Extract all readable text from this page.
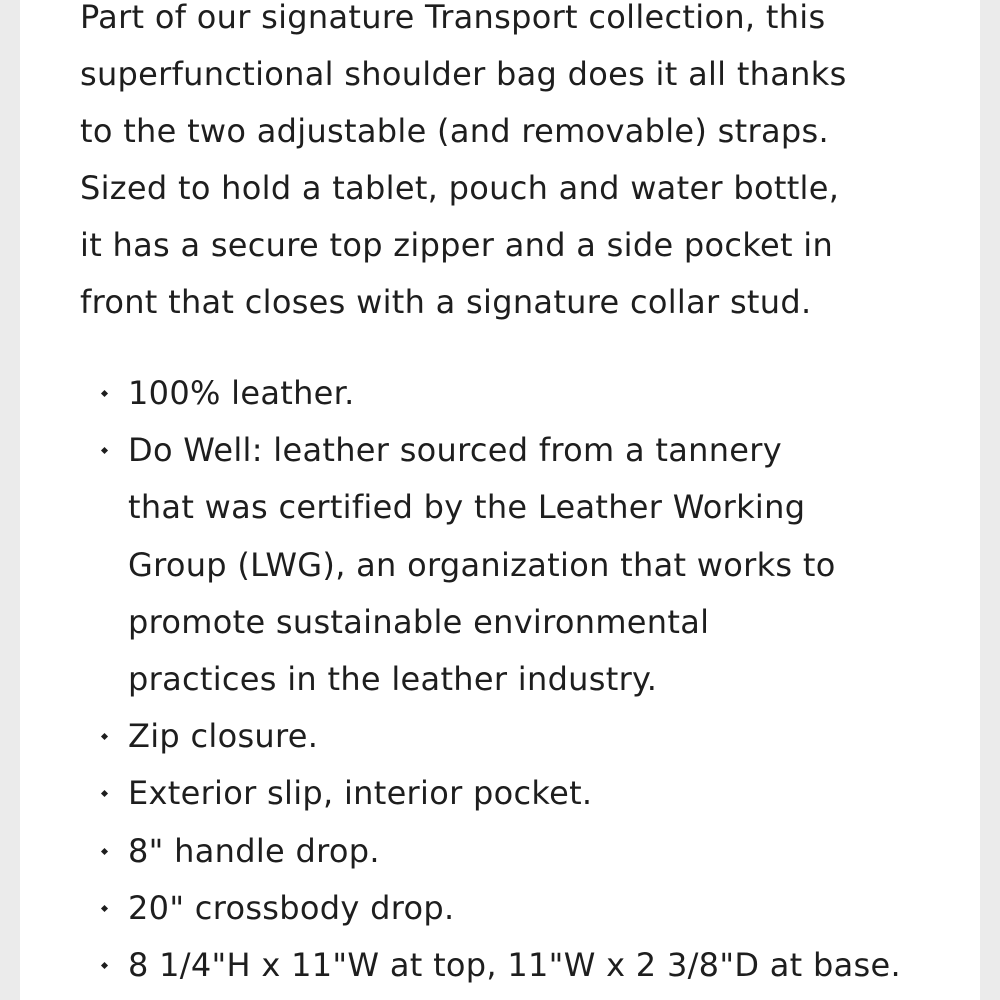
Part of our signature Transport collection, this
superfunctional shoulder bag does it all thanks
to the two adjustable (and removable) straps.
Sized to hold a tablet, pouch and water bottle,
it has a secure top zipper and a side pocket in
front that closes with a signature collar stud.

100% leather.
Do Well: leather sourced from a tannery
that was certified by the Leather Working
Group (LWG), an organization that works to
promote sustainable environmental
practices in the leather industry.
Zip closure.
Exterior slip, interior pocket.
8" handle drop.
20" crossbody drop.
8 1/4"H x 11"W at top, 11"W x 2 3/8"D at base.
